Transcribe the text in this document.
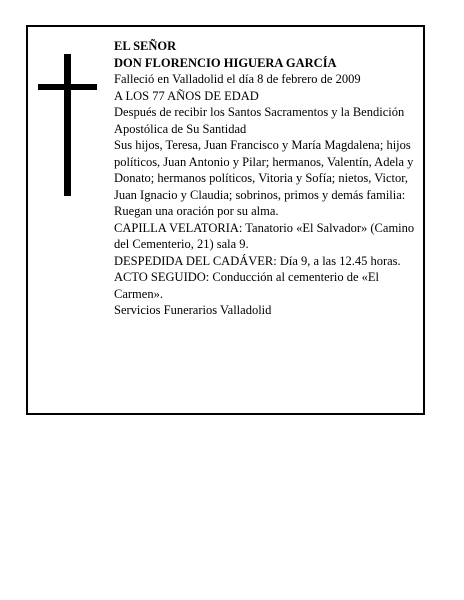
EL SEÑOR

DON FLORENCIO HIGUERA GARCÍA

Falleció en Valladolid el día 8 de febrero de 2009

A LOS 77 AÑOS DE EDAD

Después de recibir los Santos Sacramentos y la Bendición Apostólica de Su Santidad

Sus hijos, Teresa, Juan Francisco y María Magdalena; hijos políticos, Juan Antonio y Pilar; hermanos, Valentín, Adela y Donato; hermanos políticos, Vitoria y Sofía; nietos, Victor, Juan Ignacio y Claudia; sobrinos, primos y demás familia:

Ruegan una oración por su alma.

CAPILLA VELATORIA: Tanatorio «El Salvador» (Camino del Cementerio, 21) sala 9.

DESPEDIDA DEL CADÁVER: Día 9, a las 12.45 horas.

ACTO SEGUIDO: Conducción al cementerio de «El Carmen».

Servicios Funerarios Valladolid
